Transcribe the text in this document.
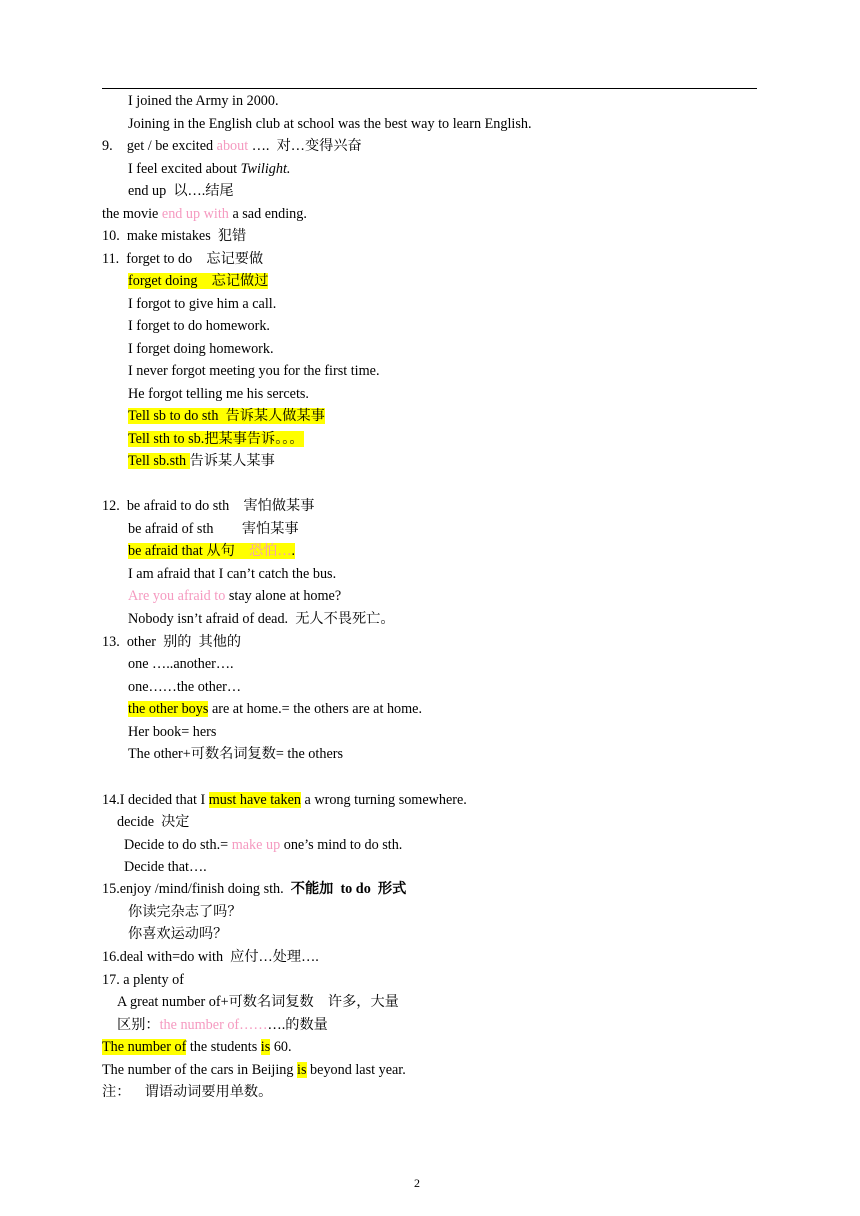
I joined the Army in 2000.
Joining in the English club at school was the best way to learn English.
9.    get / be excited about ….  对…变得兴奋
I feel excited about Twilight.
end up  以….结尾
the movie end up with a sad ending.
10.  make mistakes  犯错
11.  forget to do    忘记要做
forget doing    忘记做过
I forgot to give him a call.
I forget to do homework.
I forget doing homework.
I never forgot meeting you for the first time.
He forgot telling me his sercets.
Tell sb to do sth  告诉某人做某事
Tell sth to sb.把某事告诉。。。
Tell sb.sth 告诉某人某事
12.  be afraid to do sth    害怕做某事
be afraid of sth        害怕某事
be afraid that 从句    恐怕….
I am afraid that I can’t catch the bus.
Are you afraid to stay alone at home?
Nobody isn’t afraid of dead.  无人不畏死亡。
13.  other  别的  其他的
one …..another….
one……the other…
the other boys are at home.= the others are at home.
Her book= hers
The other+可数名词复数= the others
14.I decided that I must have taken a wrong turning somewhere.
decide  决定
Decide to do sth.= make up one’s mind to do sth.
Decide that….
15.enjoy /mind/finish doing sth.  不能加  to do  形式
你读完杂志了吗？
你喜欢运动吗？
16.deal with=do with  应付…处理….
17. a plenty of
A great number of+可数名词复数    许多，大量
区别：the number of……….的数量
The number of the students is 60.
The number of the cars in Beijing is beyond last year.
注：    谓语动词要用单数。
2
